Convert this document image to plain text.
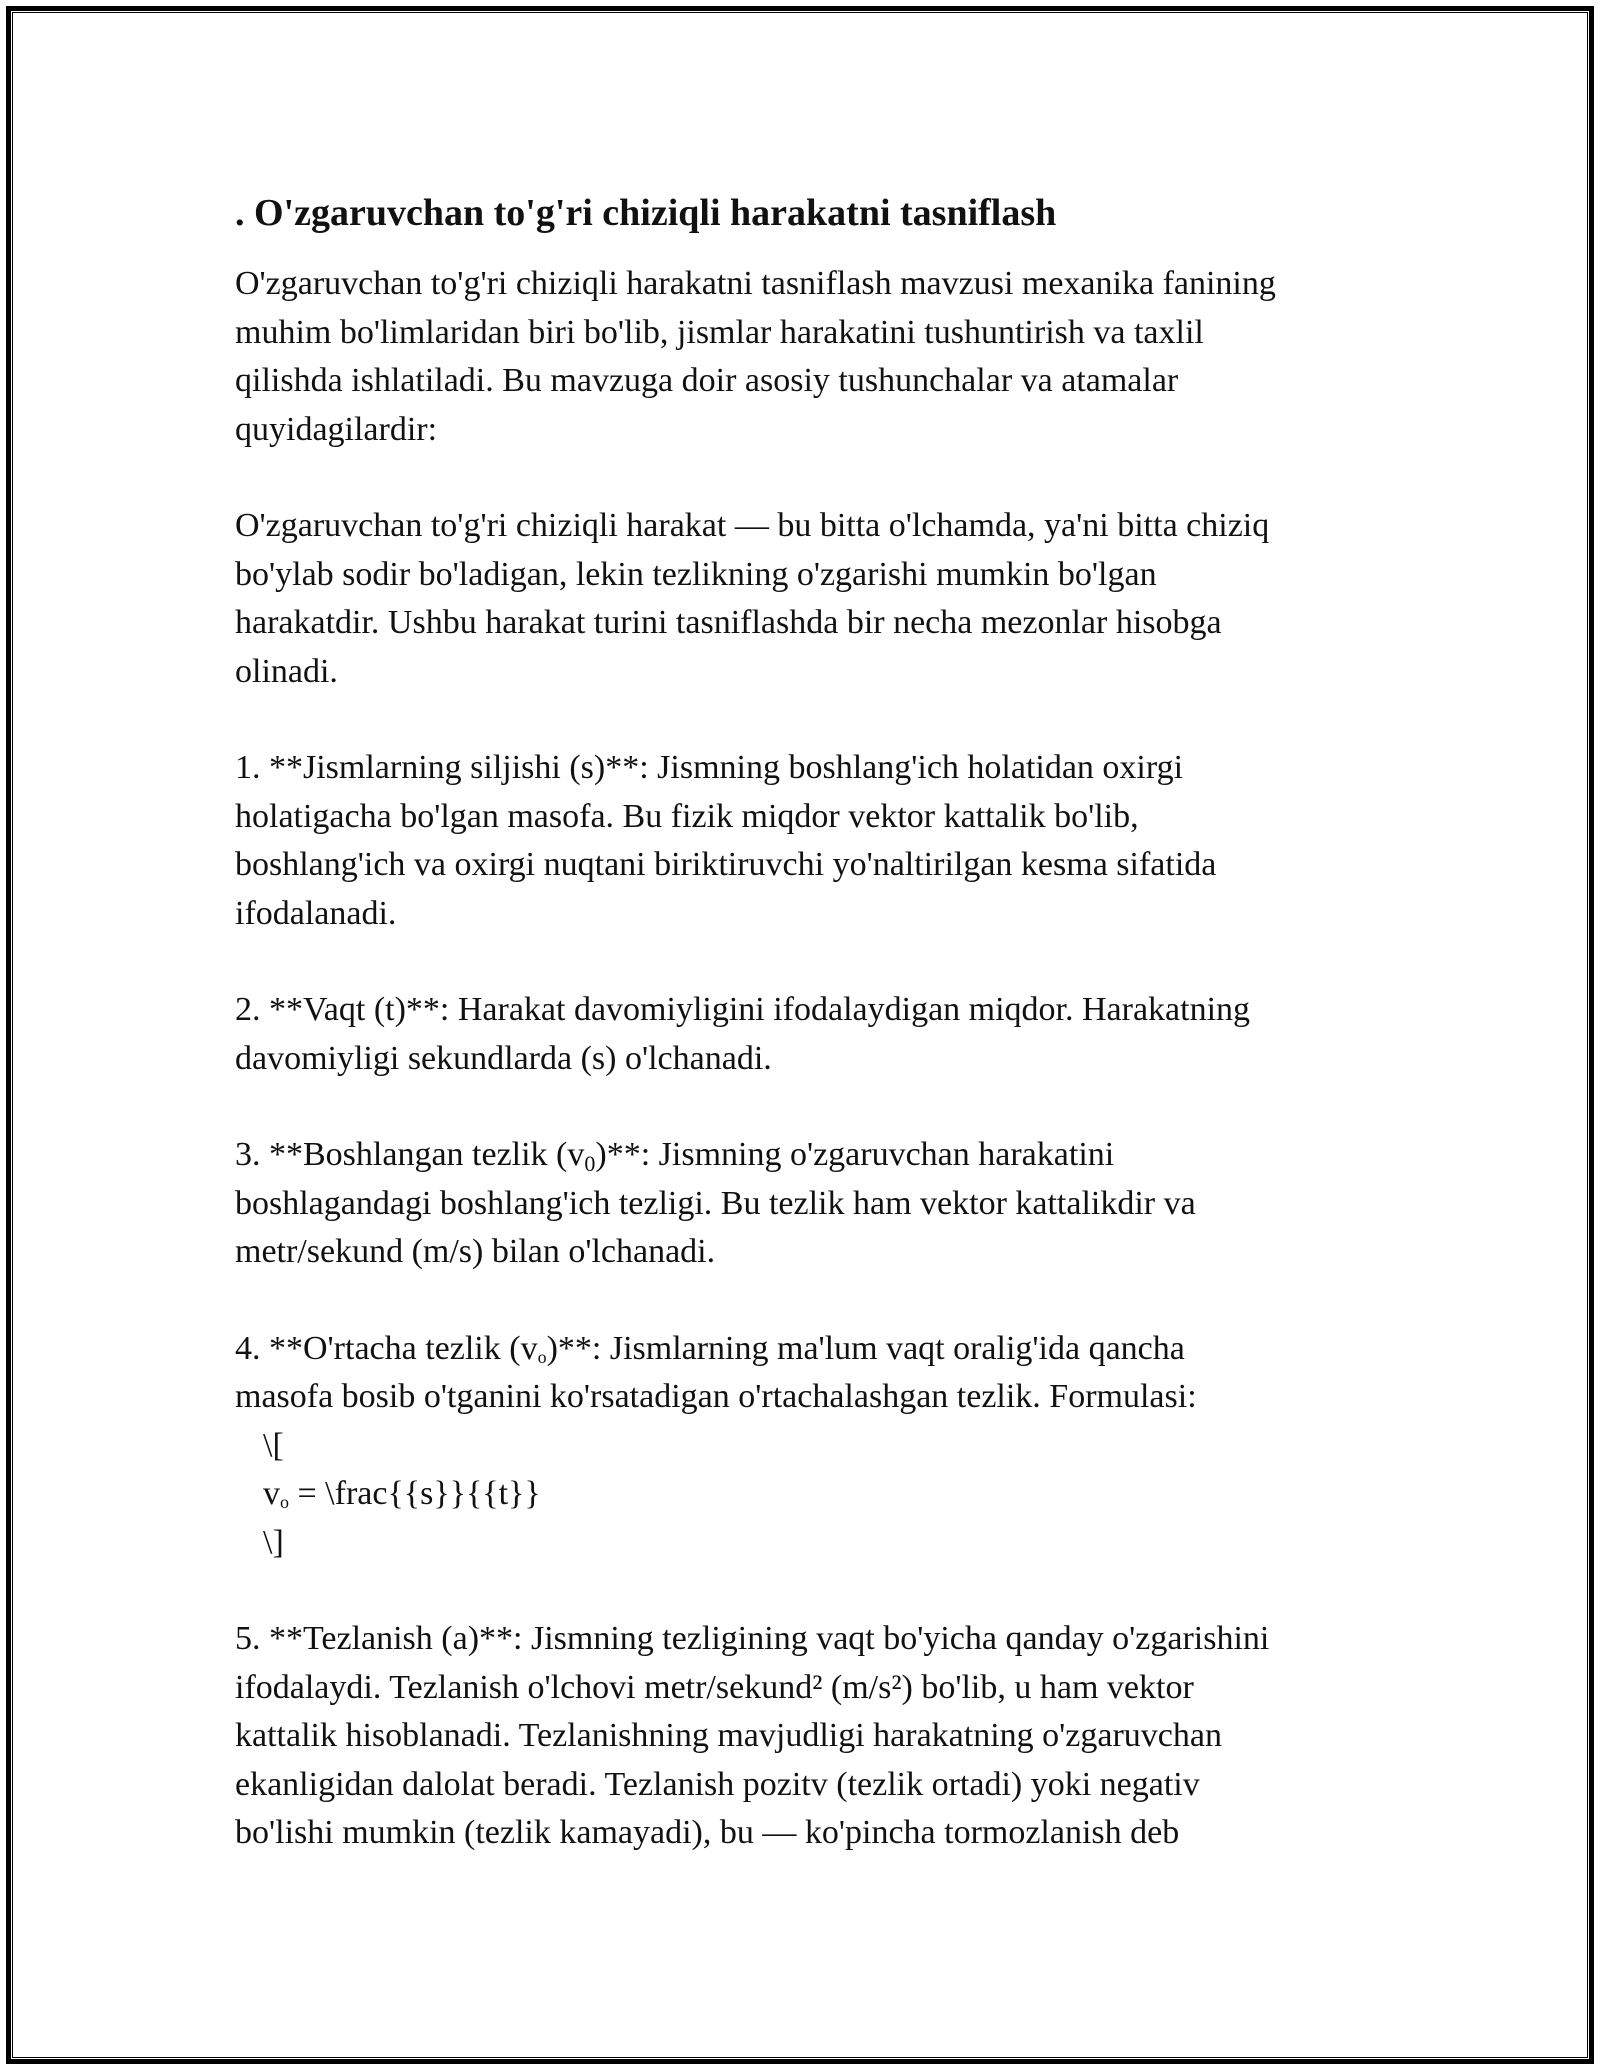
. O'zgaruvchan to'g'ri chiziqli harakatni tasniflash

O'zgaruvchan to'g'ri chiziqli harakatni tasniflash mavzusi mexanika fanining
muhim bo'limlaridan biri bo'lib, jismlar harakatini tushuntirish va taxlil
qilishda ishlatiladi. Bu mavzuga doir asosiy tushunchalar va atamalar
quyidagilardir:

O'zgaruvchan to'g'ri chiziqli harakat — bu bitta o'lchamda, ya'ni bitta chiziq
bo'ylab sodir bo'ladigan, lekin tezlikning o'zgarishi mumkin bo'lgan
harakatdir. Ushbu harakat turini tasniflashda bir necha mezonlar hisobga
olinadi.

1. **Jismlarning siljishi (s)**: Jismning boshlang'ich holatidan oxirgi
holatigacha bo'lgan masofa. Bu fizik miqdor vektor kattalik bo'lib,
boshlang'ich va oxirgi nuqtani biriktiruvchi yo'naltirilgan kesma sifatida
ifodalanadi.

2. **Vaqt (t)**: Harakat davomiyligini ifodalaydigan miqdor. Harakatning
davomiyligi sekundlarda (s) o'lchanadi.

3. **Boshlangan tezlik $(v_0)**$: Jismning o'zgaruvchan harakatini
boshlagandagi boshlang'ich tezligi. Bu tezlik ham vektor kattalikdir va
metr/sekund (m/s) bilan o'lchanadi.

4. **O'rtacha tezlik $(v_o)**$: Jismlarning ma'lum vaqt oralig'ida qancha
masofa bosib o'tganini ko'rsatadigan o'rtachalashgan tezlik. Formulasi:

\[
$v_o$ = \frac{{s}}{{t}}
\]

5. **Tezlanish (a)**: Jismning tezligining vaqt bo'yicha qanday o'zgarishini
ifodalaydi. Tezlanish o'lchovi metr/sekund² (m/s²) bo'lib, u ham vektor
kattalik hisoblanadi. Tezlanishning mavjudligi harakatning o'zgaruvchan
ekanligidan dalolat beradi. Tezlanish pozitv (tezlik ortadi) yoki negativ
bo'lishi mumkin (tezlik kamayadi), bu — ko'pincha tormozlanish deb
